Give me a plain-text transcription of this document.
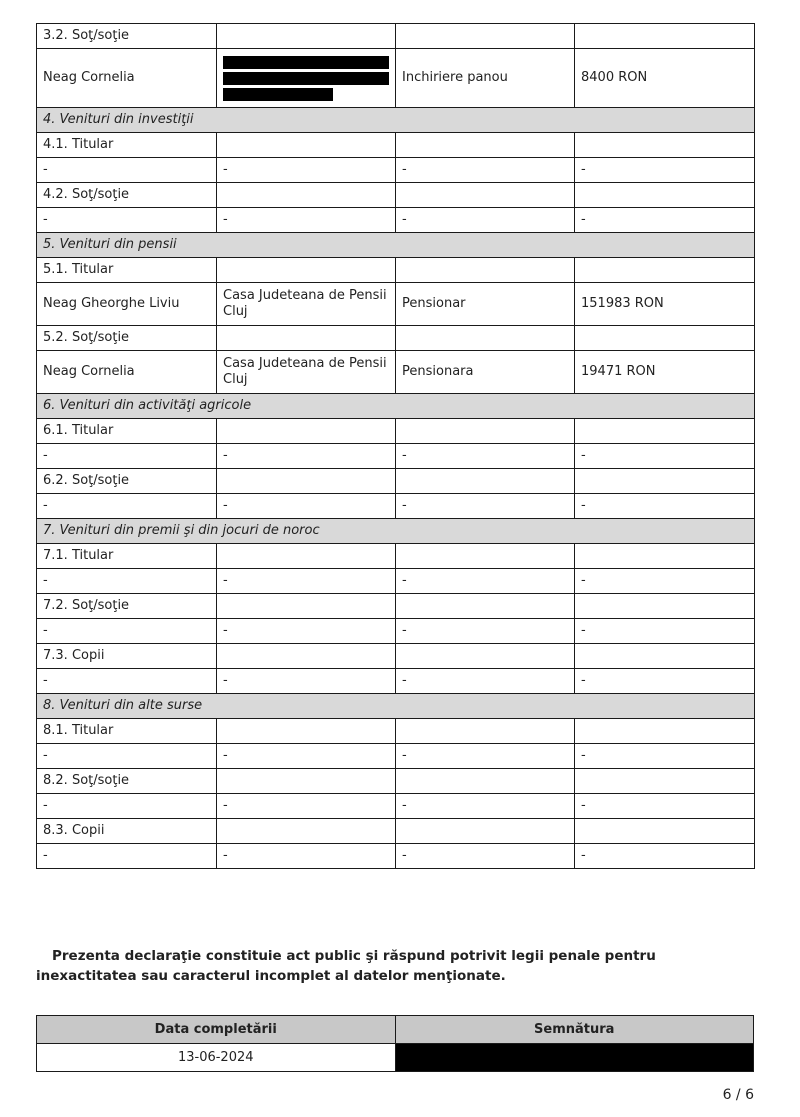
3.2. Soţ/soţie			
Neag Cornelia		Inchiriere panou	8400 RON
4. Venituri din investiţii			
4.1. Titular			
-	-	-	-
4.2. Soţ/soţie			
-	-	-	-
5. Venituri din pensii			
5.1. Titular			
Neag Gheorghe Liviu	Casa Judeteana de Pensii Cluj	Pensionar	151983 RON
5.2. Soţ/soţie			
Neag Cornelia	Casa Judeteana de Pensii Cluj	Pensionara	19471 RON
6. Venituri din activităţi agricole			
6.1. Titular			
-	-	-	-
6.2. Soţ/soţie			
-	-	-	-
7. Venituri din premii şi din jocuri de noroc			
7.1. Titular			
-	-	-	-
7.2. Soţ/soţie			
-	-	-	-
7.3. Copii			
-	-	-	-
8. Venituri din alte surse			
8.1. Titular			
-	-	-	-
8.2. Soţ/soţie			
-	-	-	-
8.3. Copii			
-	-	-	-
Prezenta declaraţie constituie act public şi răspund potrivit legii penale pentru inexactitatea sau caracterul incomplet al datelor menţionate.
Data completării	Semnătura
13-06-2024	
6 / 6
